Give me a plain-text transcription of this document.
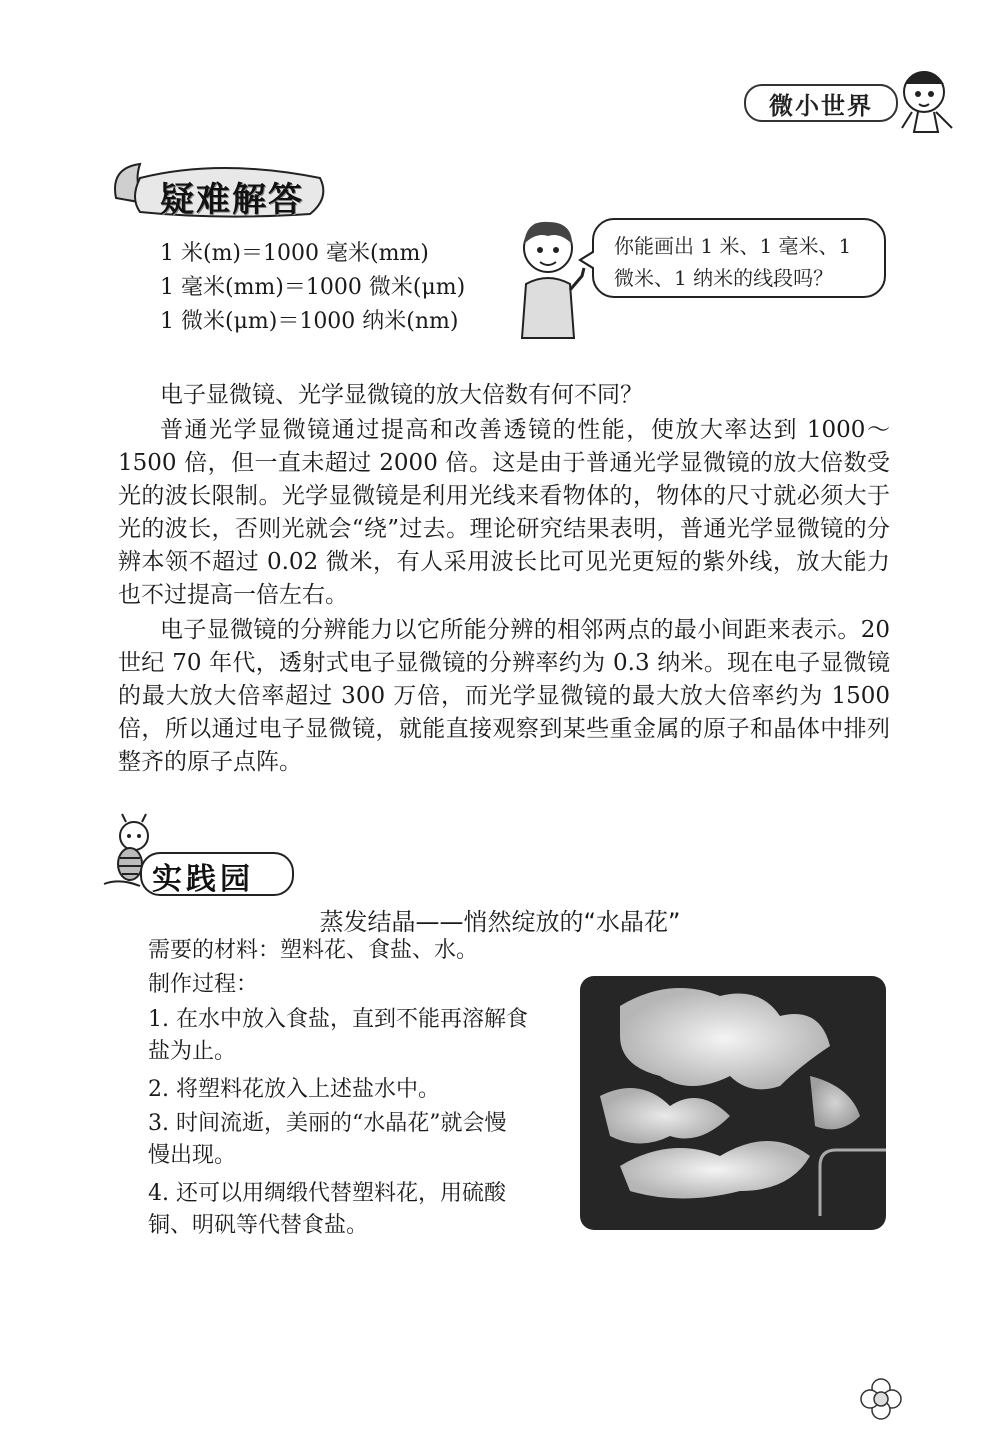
微小世界
疑难解答
1 米(m)＝1000 毫米(mm)
1 毫米(mm)＝1000 微米(μm)
1 微米(μm)＝1000 纳米(nm)
你能画出 1 米、1 毫米、1 微米、1 纳米的线段吗？
电子显微镜、光学显微镜的放大倍数有何不同？
普通光学显微镜通过提高和改善透镜的性能，使放大率达到 1000～1500 倍，但一直未超过 2000 倍。这是由于普通光学显微镜的放大倍数受光的波长限制。光学显微镜是利用光线来看物体的，物体的尺寸就必须大于光的波长，否则光就会“绕”过去。理论研究结果表明，普通光学显微镜的分辨本领不超过 0.02 微米，有人采用波长比可见光更短的紫外线，放大能力也不过提高一倍左右。
电子显微镜的分辨能力以它所能分辨的相邻两点的最小间距来表示。20 世纪 70 年代，透射式电子显微镜的分辨率约为 0.3 纳米。现在电子显微镜的最大放大倍率超过 300 万倍，而光学显微镜的最大放大倍率约为 1500 倍，所以通过电子显微镜，就能直接观察到某些重金属的原子和晶体中排列整齐的原子点阵。
实践园
蒸发结晶——悄然绽放的“水晶花”
需要的材料：塑料花、食盐、水。
制作过程：
1. 在水中放入食盐，直到不能再溶解食盐为止。
2. 将塑料花放入上述盐水中。
3. 时间流逝，美丽的“水晶花”就会慢慢出现。
4. 还可以用绸缎代替塑料花，用硫酸铜、明矾等代替食盐。
